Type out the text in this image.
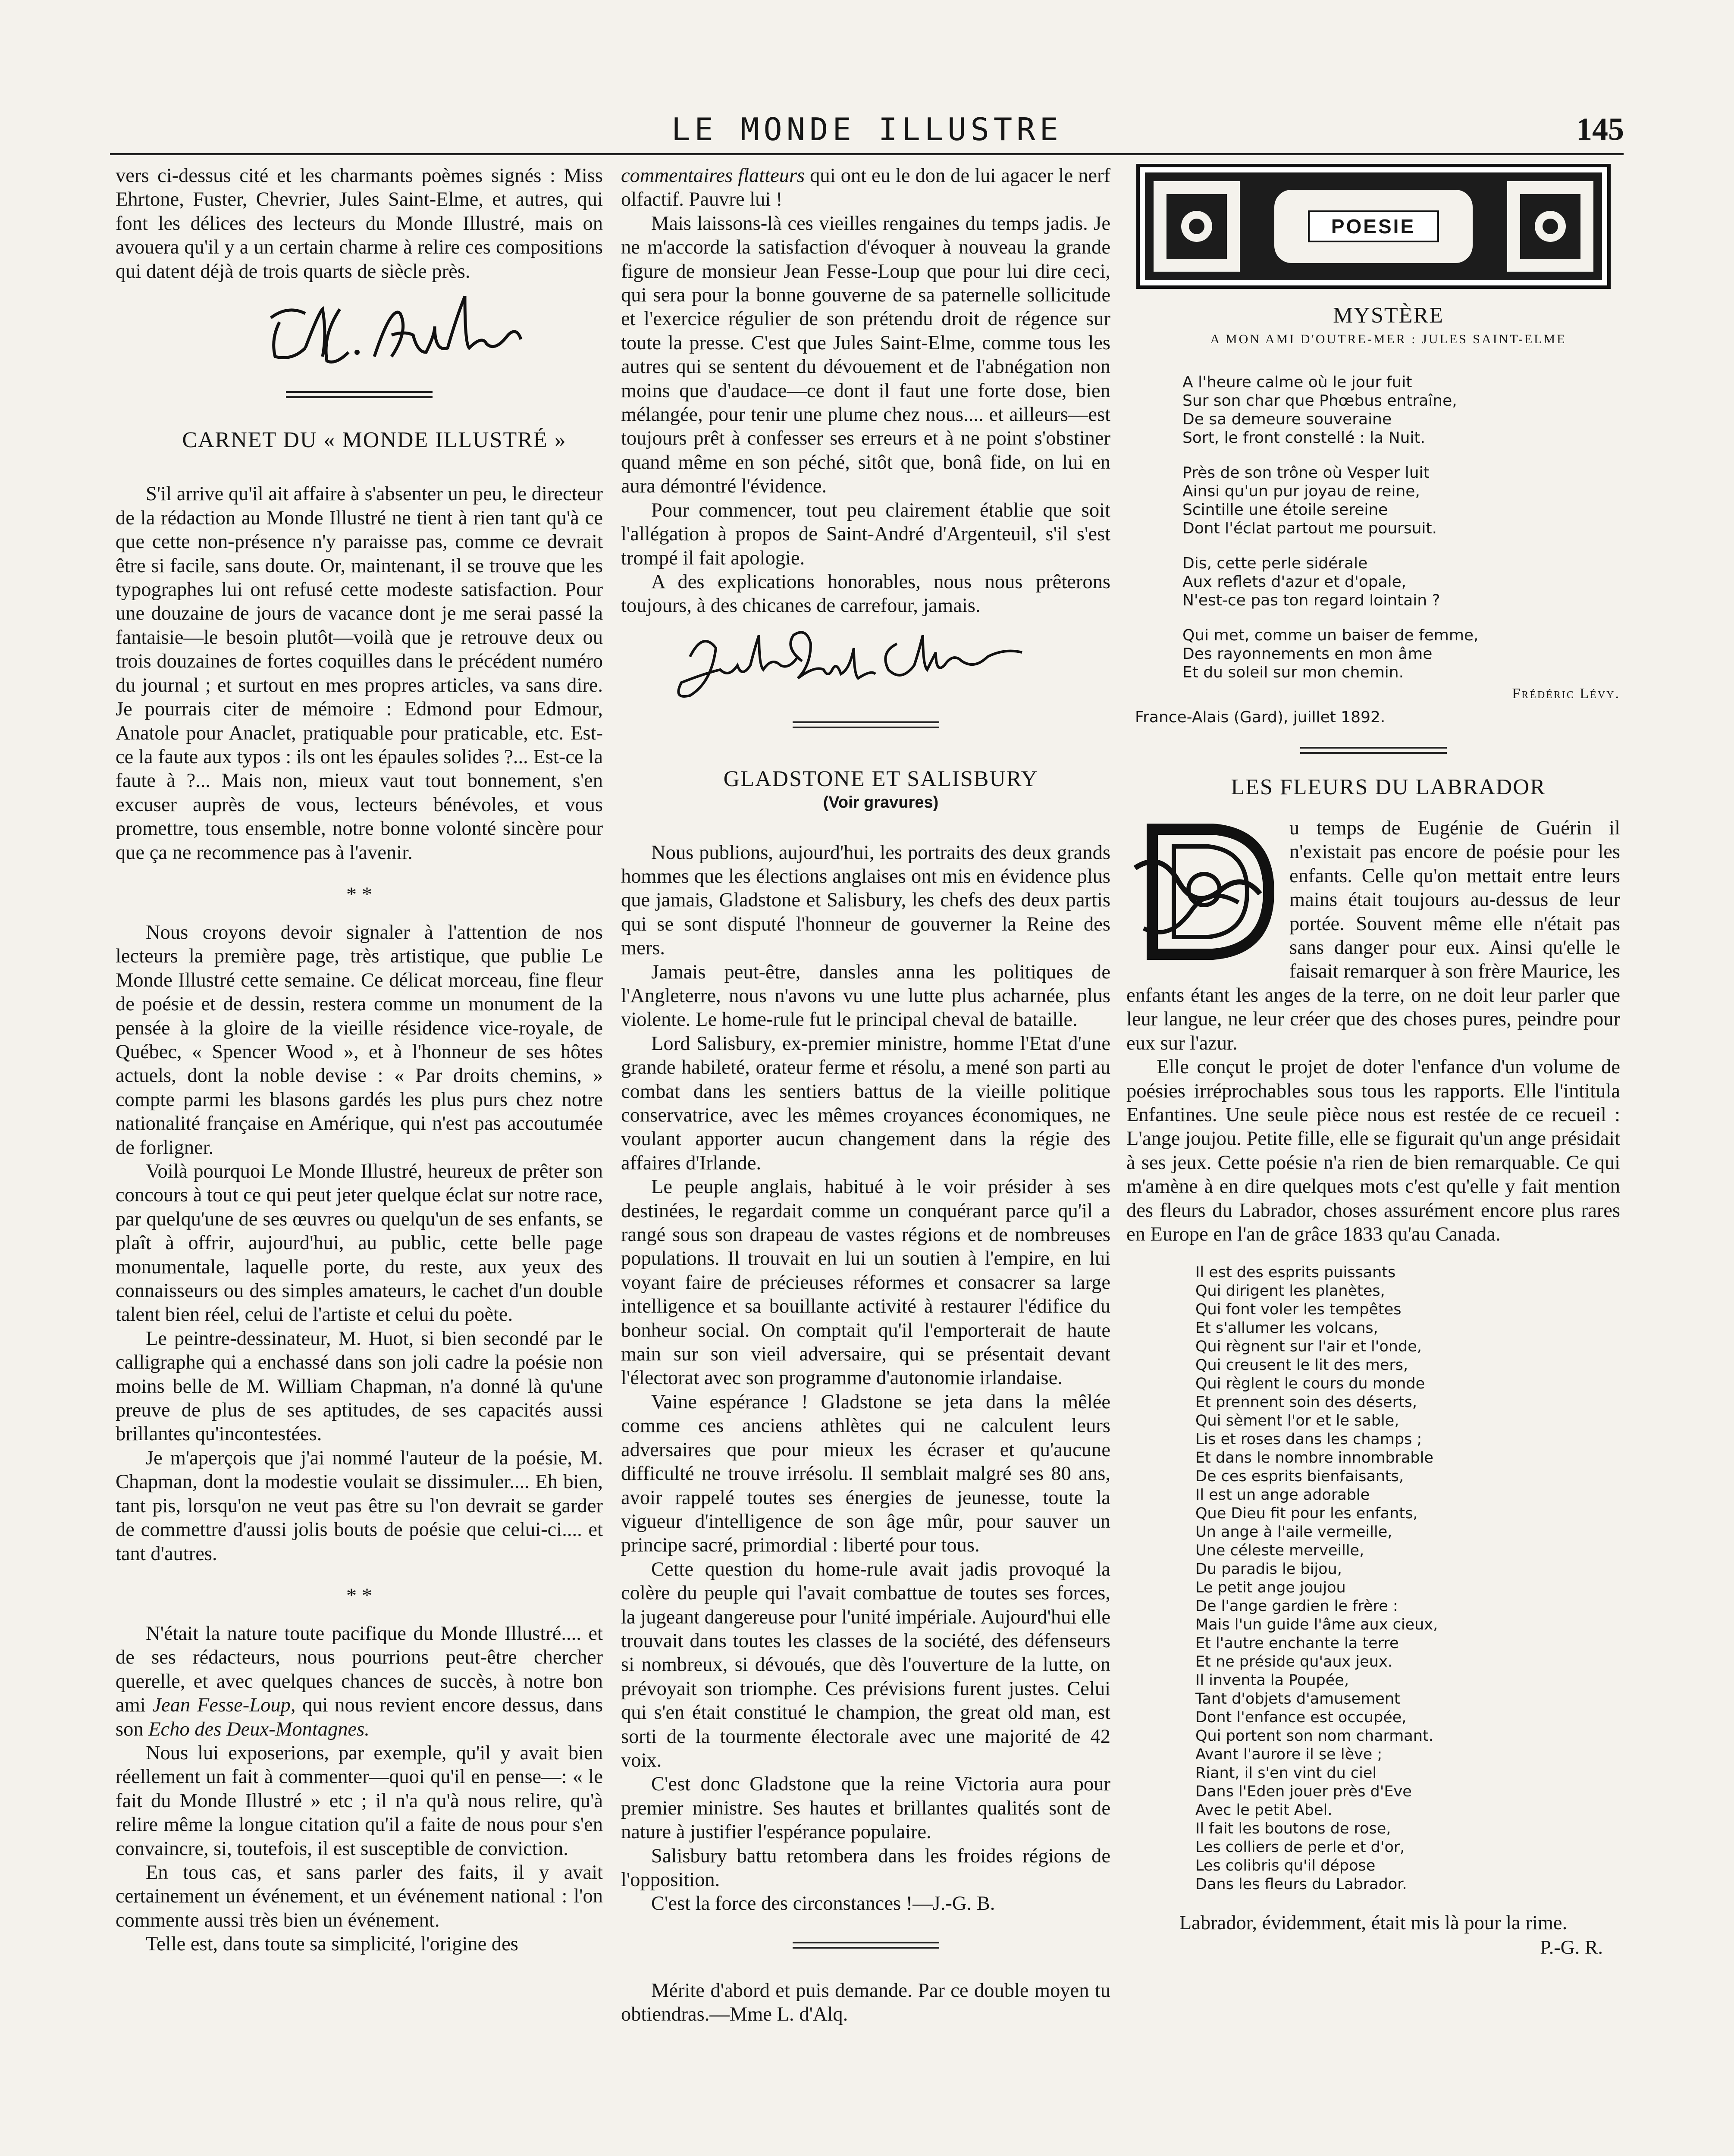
LE MONDE ILLUSTRE	145

vers ci-dessus cité et les charmants poèmes signés : Miss Ehrtone, Fuster, Chevrier, Jules Saint-Elme, et autres, qui font les délices des lecteurs du Monde Illustré, mais on avouera qu'il y a un certain charme à relire ces compositions qui datent déjà de trois quarts de siècle près.

CARNET DU « MONDE ILLUSTRÉ »

S'il arrive qu'il ait affaire à s'absenter un peu, le directeur de la rédaction au Monde Illustré ne tient à rien tant qu'à ce que cette non-présence n'y paraisse pas, comme ce devrait être si facile, sans doute. Or, maintenant, il se trouve que les typographes lui ont refusé cette modeste satisfaction. Pour une douzaine de jours de vacance dont je me serai passé la fantaisie—le besoin plutôt—voilà que je retrouve deux ou trois douzaines de fortes coquilles dans le précédent numéro du journal ; et surtout en mes propres articles, va sans dire. Je pourrais citer de mémoire : Edmond pour Edmour, Anatole pour Anaclet, pratiquable pour praticable, etc. Est-ce la faute aux typos : ils ont les épaules solides ?... Est-ce la faute à ?... Mais non, mieux vaut tout bonnement, s'en excuser auprès de vous, lecteurs bénévoles, et vous promettre, tous ensemble, notre bonne volonté sincère pour que ça ne recommence pas à l'avenir.

* *

Nous croyons devoir signaler à l'attention de nos lecteurs la première page, très artistique, que publie Le Monde Illustré cette semaine. Ce délicat morceau, fine fleur de poésie et de dessin, restera comme un monument de la pensée à la gloire de la vieille résidence vice-royale, de Québec, « Spencer Wood », et à l'honneur de ses hôtes actuels, dont la noble devise : « Par droits chemins, » compte parmi les blasons gardés les plus purs chez notre nationalité française en Amérique, qui n'est pas accoutumée de forligner.

Voilà pourquoi Le Monde Illustré, heureux de prêter son concours à tout ce qui peut jeter quelque éclat sur notre race, par quelqu'une de ses œuvres ou quelqu'un de ses enfants, se plaît à offrir, aujourd'hui, au public, cette belle page monumentale, laquelle porte, du reste, aux yeux des connaisseurs ou des simples amateurs, le cachet d'un double talent bien réel, celui de l'artiste et celui du poète.

Le peintre-dessinateur, M. Huot, si bien secondé par le calligraphe qui a enchassé dans son joli cadre la poésie non moins belle de M. William Chapman, n'a donné là qu'une preuve de plus de ses aptitudes, de ses capacités aussi brillantes qu'incontestées.

Je m'aperçois que j'ai nommé l'auteur de la poésie, M. Chapman, dont la modestie voulait se dissimuler.... Eh bien, tant pis, lorsqu'on ne veut pas être su l'on devrait se garder de commettre d'aussi jolis bouts de poésie que celui-ci.... et tant d'autres.

* *

N'était la nature toute pacifique du Monde Illustré.... et de ses rédacteurs, nous pourrions peut-être chercher querelle, et avec quelques chances de succès, à notre bon ami Jean Fesse-Loup, qui nous revient encore dessus, dans son Echo des Deux-Montagnes.

Nous lui exposerions, par exemple, qu'il y avait bien réellement un fait à commenter—quoi qu'il en pense—: « le fait du Monde Illustré » etc ; il n'a qu'à nous relire, qu'à relire même la longue citation qu'il a faite de nous pour s'en convaincre, si, toutefois, il est susceptible de conviction.

En tous cas, et sans parler des faits, il y avait certainement un événement, et un événement national : l'on commente aussi très bien un événement.

Telle est, dans toute sa simplicité, l'origine des

commentaires flatteurs qui ont eu le don de lui agacer le nerf olfactif. Pauvre lui !

Mais laissons-là ces vieilles rengaines du temps jadis. Je ne m'accorde la satisfaction d'évoquer à nouveau la grande figure de monsieur Jean Fesse-Loup que pour lui dire ceci, qui sera pour la bonne gouverne de sa paternelle sollicitude et l'exercice régulier de son prétendu droit de régence sur toute la presse. C'est que Jules Saint-Elme, comme tous les autres qui se sentent du dévouement et de l'abnégation non moins que d'audace—ce dont il faut une forte dose, bien mélangée, pour tenir une plume chez nous.... et ailleurs—est toujours prêt à confesser ses erreurs et à ne point s'obstiner quand même en son péché, sitôt que, bonâ fide, on lui en aura démontré l'évidence.

Pour commencer, tout peu clairement établie que soit l'allégation à propos de Saint-André d'Argenteuil, s'il s'est trompé il fait apologie.

A des explications honorables, nous nous prêterons toujours, à des chicanes de carrefour, jamais.

GLADSTONE ET SALISBURY

(Voir gravures)

Nous publions, aujourd'hui, les portraits des deux grands hommes que les élections anglaises ont mis en évidence plus que jamais, Gladstone et Salisbury, les chefs des deux partis qui se sont disputé l'honneur de gouverner la Reine des mers.

Jamais peut-être, dansles anna les politiques de l'Angleterre, nous n'avons vu une lutte plus acharnée, plus violente. Le home-rule fut le principal cheval de bataille.

Lord Salisbury, ex-premier ministre, homme l'Etat d'une grande habileté, orateur ferme et résolu, a mené son parti au combat dans les sentiers battus de la vieille politique conservatrice, avec les mêmes croyances économiques, ne voulant apporter aucun changement dans la régie des affaires d'Irlande.

Le peuple anglais, habitué à le voir présider à ses destinées, le regardait comme un conquérant parce qu'il a rangé sous son drapeau de vastes régions et de nombreuses populations. Il trouvait en lui un soutien à l'empire, en lui voyant faire de précieuses réformes et consacrer sa large intelligence et sa bouillante activité à restaurer l'édifice du bonheur social. On comptait qu'il l'emporterait de haute main sur son vieil adversaire, qui se présentait devant l'électorat avec son programme d'autonomie irlandaise.

Vaine espérance ! Gladstone se jeta dans la mêlée comme ces anciens athlètes qui ne calculent leurs adversaires que pour mieux les écraser et qu'aucune difficulté ne trouve irrésolu. Il semblait malgré ses 80 ans, avoir rappelé toutes ses énergies de jeunesse, toute la vigueur d'intelligence de son âge mûr, pour sauver un principe sacré, primordial : liberté pour tous.

Cette question du home-rule avait jadis provoqué la colère du peuple qui l'avait combattue de toutes ses forces, la jugeant dangereuse pour l'unité impériale. Aujourd'hui elle trouvait dans toutes les classes de la société, des défenseurs si nombreux, si dévoués, que dès l'ouverture de la lutte, on prévoyait son triomphe. Ces prévisions furent justes. Celui qui s'en était constitué le champion, the great old man, est sorti de la tourmente électorale avec une majorité de 42 voix.

C'est donc Gladstone que la reine Victoria aura pour premier ministre. Ses hautes et brillantes qualités sont de nature à justifier l'espérance populaire.

Salisbury battu retombera dans les froides régions de l'opposition.

C'est la force des circonstances !—J.-G. B.

Mérite d'abord et puis demande. Par ce double moyen tu obtiendras.—Mme L. d'Alq.

POESIE

MYSTÈRE

A MON AMI D'OUTRE-MER : JULES SAINT-ELME

A l'heure calme où le jour fuit

Sur son char que Phœbus entraîne,

De sa demeure souveraine

Sort, le front constellé : la Nuit.

Près de son trône où Vesper luit

Ainsi qu'un pur joyau de reine,

Scintille une étoile sereine

Dont l'éclat partout me poursuit.

Dis, cette perle sidérale

Aux reflets d'azur et d'opale,

N'est-ce pas ton regard lointain ?

Qui met, comme un baiser de femme,

Des rayonnements en mon âme

Et du soleil sur mon chemin.

Frédéric Lévy.
France-Alais (Gard), juillet 1892.

LES FLEURS DU LABRADOR

u temps de Eugénie de Guérin il n'existait pas encore de poésie pour les enfants. Celle qu'on mettait entre leurs mains était toujours au-dessus de leur portée. Souvent même elle n'était pas sans danger pour eux. Ainsi qu'elle le faisait remarquer à son frère Maurice, les enfants étant les anges de la terre, on ne doit leur parler que leur langue, ne leur créer que des choses pures, peindre pour eux sur l'azur.

Elle conçut le projet de doter l'enfance d'un volume de poésies irréprochables sous tous les rapports. Elle l'intitula Enfantines. Une seule pièce nous est restée de ce recueil : L'ange joujou. Petite fille, elle se figurait qu'un ange présidait à ses jeux. Cette poésie n'a rien de bien remarquable. Ce qui m'amène à en dire quelques mots c'est qu'elle y fait mention des fleurs du Labrador, choses assurément encore plus rares en Europe en l'an de grâce 1833 qu'au Canada.

Il est des esprits puissants

Qui dirigent les planètes,

Qui font voler les tempêtes

Et s'allumer les volcans,

Qui règnent sur l'air et l'onde,

Qui creusent le lit des mers,

Qui règlent le cours du monde

Et prennent soin des déserts,

Qui sèment l'or et le sable,

Lis et roses dans les champs ;

Et dans le nombre innombrable

De ces esprits bienfaisants,

Il est un ange adorable

Que Dieu fit pour les enfants,

Un ange à l'aile vermeille,

Une céleste merveille,

Du paradis le bijou,

Le petit ange joujou

De l'ange gardien le frère :

Mais l'un guide l'âme aux cieux,

Et l'autre enchante la terre

Et ne préside qu'aux jeux.

Il inventa la Poupée,

Tant d'objets d'amusement

Dont l'enfance est occupée,

Qui portent son nom charmant.

Avant l'aurore il se lève ;

Riant, il s'en vint du ciel

Dans l'Eden jouer près d'Eve

Avec le petit Abel.

Il fait les boutons de rose,

Les colliers de perle et d'or,

Les colibris qu'il dépose

Dans les fleurs du Labrador.

Labrador, évidemment, était mis là pour la rime.

P.-G. R.
